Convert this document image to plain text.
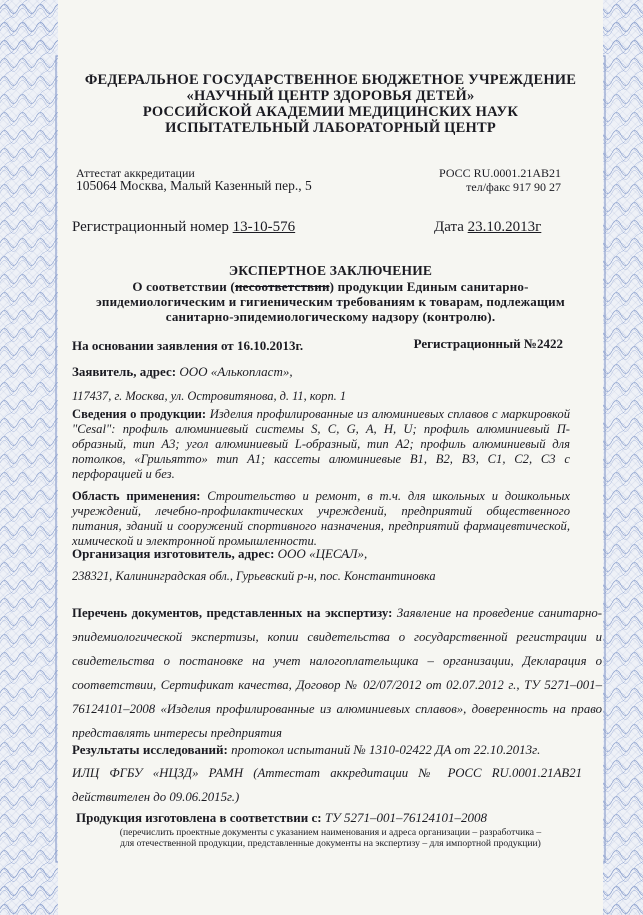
ФЕДЕРАЛЬНОЕ ГОСУДАРСТВЕННОЕ БЮДЖЕТНОЕ УЧРЕЖДЕНИЕ
«НАУЧНЫЙ ЦЕНТР ЗДОРОВЬЯ ДЕТЕЙ»
РОССИЙСКОЙ АКАДЕМИИ МЕДИЦИНСКИХ НАУК
ИСПЫТАТЕЛЬНЫЙ ЛАБОРАТОРНЫЙ ЦЕНТР
Аттестат аккредитации	РОСС RU.0001.21АВ21
105064 Москва, Малый Казенный пер., 5	тел/факс 917 90 27
Регистрационный номер 13-10-576	Дата 23.10.2013г
ЭКСПЕРТНОЕ ЗАКЛЮЧЕНИЕ
О соответствии (несоответствии) продукции Единым санитарно-
эпидемиологическим и гигиеническим требованиям к товарам, подлежащим
санитарно-эпидемиологическому надзору (контролю).
На основании заявления от 16.10.2013г.	Регистрационный №2422
Заявитель, адрес: ООО «Алькопласт»,
117437, г. Москва, ул. Островитянова, д. 11, корп. 1
Сведения о продукции: Изделия профилированные из алюминиевых сплавов с маркировкой "Cesal": профиль алюминиевый системы S, C, G, A, H, U; профиль алюминиевый П-образный, тип А3; угол алюминиевый L-образный, тип А2; профиль алюминиевый для потолков, «Грильятто» тип А1; кассеты алюминиевые В1, В2, В3, С1, С2, С3 с перфорацией и без.
Область применения: Строительство и ремонт, в т.ч. для школьных и дошкольных учреждений, лечебно-профилактических учреждений, предприятий общественного питания, зданий и сооружений спортивного назначения, предприятий фармацевтической, химической и электронной промышленности.
Организация изготовитель, адрес: ООО «ЦЕСАЛ»,
238321, Калининградская обл., Гурьевский р-н, пос. Константиновка
Перечень документов, представленных на экспертизу: Заявление на проведение санитарно-эпидемиологической экспертизы, копии свидетельства о государственной регистрации и свидетельства о постановке на учет налогоплательщика – организации, Декларация о соответствии, Сертификат качества, Договор № 02/07/2012 от 02.07.2012 г., ТУ 5271–001–76124101–2008 «Изделия профилированные из алюминиевых сплавов», доверенность на право представлять интересы предприятия
Результаты исследований: протокол испытаний № 1310-02422 ДА от 22.10.2013г.
ИЛЦ ФГБУ «НЦЗД» РАМН (Аттестат аккредитации № РОСС RU.0001.21АВ21 действителен до 09.06.2015г.)
Продукция изготовлена в соответствии с: ТУ 5271–001–76124101–2008
(перечислить проектные документы с указанием наименования и адреса организации – разработчика –
для отечественной продукции, представленные документы на экспертизу – для импортной продукции)
